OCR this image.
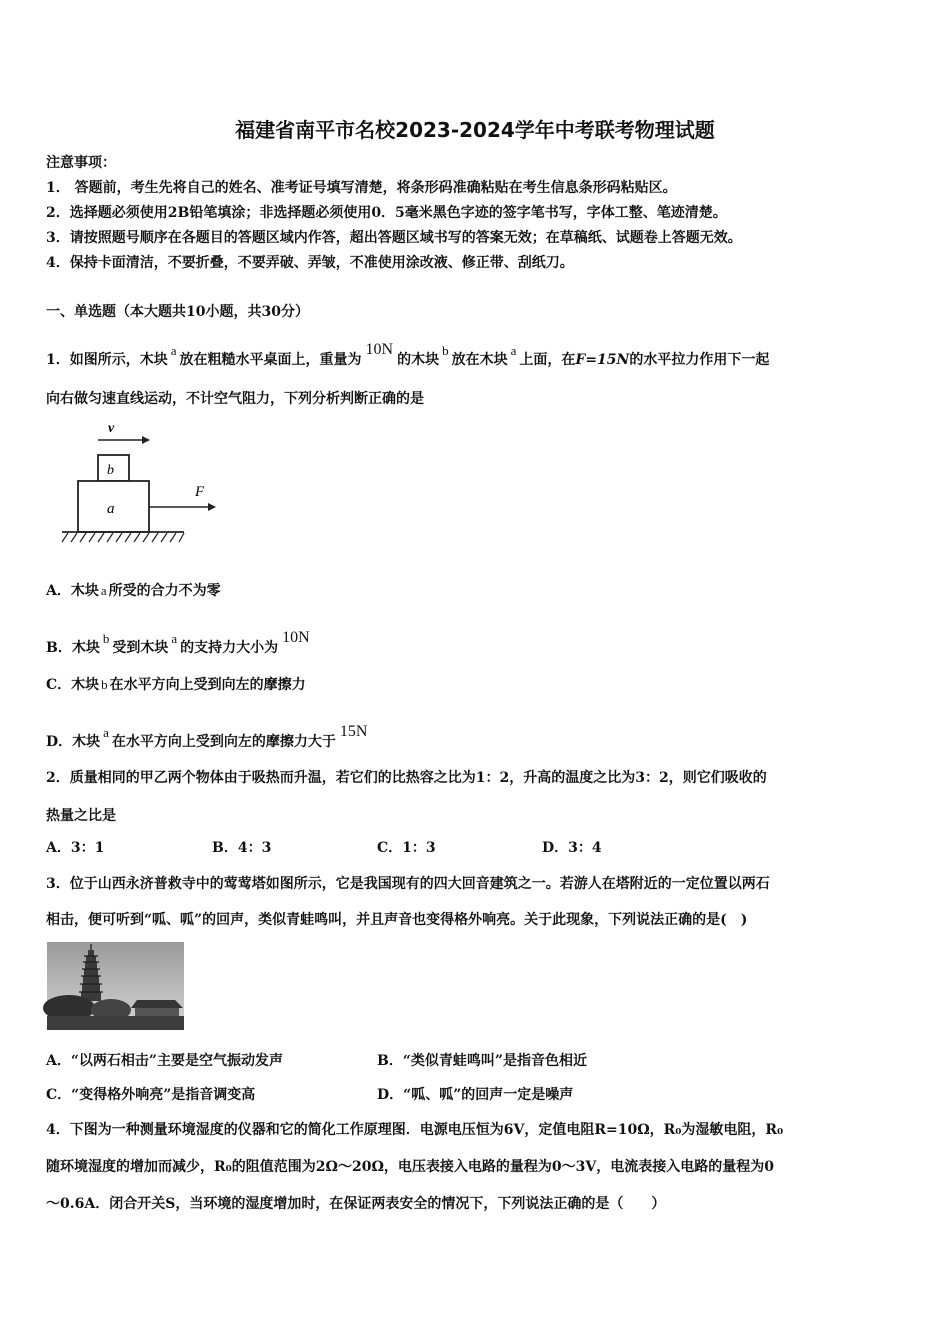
福建省南平市名校2023-2024学年中考联考物理试题
注意事项：
1． 答题前，考生先将自己的姓名、准考证号填写清楚，将条形码准确粘贴在考生信息条形码粘贴区。
2．选择题必须使用2B铅笔填涂；非选择题必须使用0．5毫米黑色字迹的签字笔书写，字体工整、笔迹清楚。
3．请按照题号顺序在各题目的答题区域内作答，超出答题区域书写的答案无效；在草稿纸、试题卷上答题无效。
4．保持卡面清洁，不要折叠，不要弄破、弄皱，不准使用涂改液、修正带、刮纸刀。
一、单选题（本大题共10小题，共30分）
1．如图所示，木块a放在粗糙水平桌面上，重量为10N的木块b放在木块a上面，在F=15N的水平拉力作用下一起
向右做匀速直线运动，不计空气阻力，下列分析判断正确的是
v
b
a
F
A．木块 a 所受的合力不为零
B．木块b受到木块a的支持力大小为10N
C．木块 b 在水平方向上受到向左的摩擦力
D．木块a在水平方向上受到向左的摩擦力大于15N
2．质量相同的甲乙两个物体由于吸热而升温，若它们的比热容之比为1：2，升高的温度之比为3：2，则它们吸收的
热量之比是
A．3：1	B．4：3	C．1：3	D．3：4
3．位于山西永济普救寺中的莺莺塔如图所示，它是我国现有的四大回音建筑之一。若游人在塔附近的一定位置以两石
相击，便可听到“呱、呱”的回声，类似青蛙鸣叫，并且声音也变得格外响亮。关于此现象，下列说法正确的是(　)
A．“以两石相击”主要是空气振动发声	B．“类似青蛙鸣叫”是指音色相近
C．“变得格外响亮”是指音调变高	D．“呱、呱”的回声一定是噪声
4．下图为一种测量环境湿度的仪器和它的简化工作原理图．电源电压恒为6V，定值电阻R=10Ω，R₀为湿敏电阻，R₀
随环境湿度的增加而减少，R₀的阻值范围为2Ω～20Ω，电压表接入电路的量程为0～3V，电流表接入电路的量程为0
～0.6A．闭合开关S，当环境的湿度增加时，在保证两表安全的情况下，下列说法正确的是（　　）
